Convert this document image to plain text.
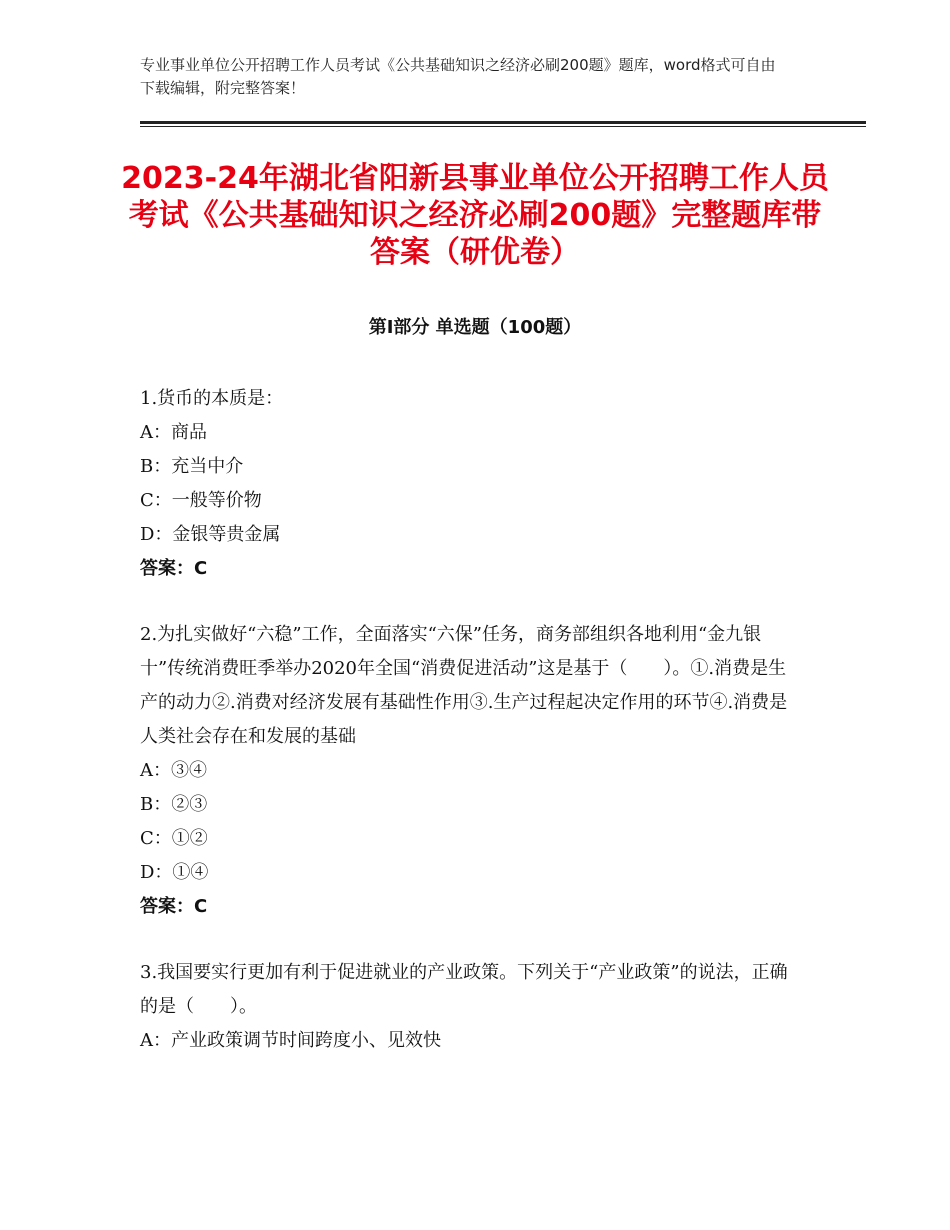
专业事业单位公开招聘工作人员考试《公共基础知识之经济必刷200题》题库，word格式可自由下载编辑，附完整答案！
2023-24年湖北省阳新县事业单位公开招聘工作人员考试《公共基础知识之经济必刷200题》完整题库带答案（研优卷）
第Ⅰ部分 单选题（100题）

1.货币的本质是：

A：商品

B：充当中介

C：一般等价物

D：金银等贵金属

答案：C

2.为扎实做好“六稳”工作，全面落实“六保”任务，商务部组织各地利用“金九银十”传统消费旺季举办2020年全国“消费促进活动”这是基于（　　）。①.消费是生产的动力②.消费对经济发展有基础性作用③.生产过程起决定作用的环节④.消费是人类社会存在和发展的基础

A：③④

B：②③

C：①②

D：①④

答案：C

3.我国要实行更加有利于促进就业的产业政策。下列关于“产业政策”的说法，正确的是（　　）。

A：产业政策调节时间跨度小、见效快
